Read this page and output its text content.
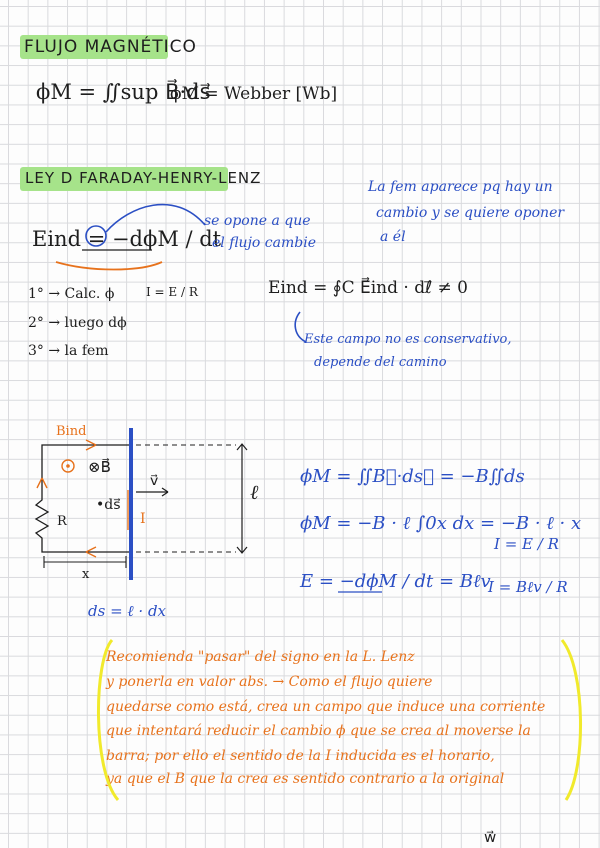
FLUJO MAGNÉTICO
ϕM = ∬sup B⃗·ds⃗
ϕM = Webber [Wb]
LEY D FARADAY-HENRY-LENZ
Eind = −dϕM / dt
se opone a que
el flujo cambie
La fem aparece pq hay un
cambio y se quiere oponer
a él
1° → Calc. ϕ
2° → luego dϕ
3° → la fem
I = E / R	Eind = ∮C E⃗ind · dℓ⃗ ≠ 0
Este campo no es conservativo,
depende del camino
Bind
⊗B⃗
•ds⃗
v⃗
I
R
x
ℓ
ds = ℓ · dx
ϕM = ∬B⃗·ds⃗ = −B∬ds
ϕM = −B · ℓ ∫0x dx = −B · ℓ · x
E = −dϕM / dt = Bℓv
I = E / R
I = Bℓv / R
Recomienda "pasar" del signo en la L. Lenz
y ponerla en valor abs. → Como el flujo quiere
quedarse como está, crea un campo que induce una corriente
que intentará reducir el cambio ϕ que se crea al moverse la
barra; por ello el sentido de la I inducida es el horario,
ya que el B que la crea es sentido contrario a la original
w⃗
